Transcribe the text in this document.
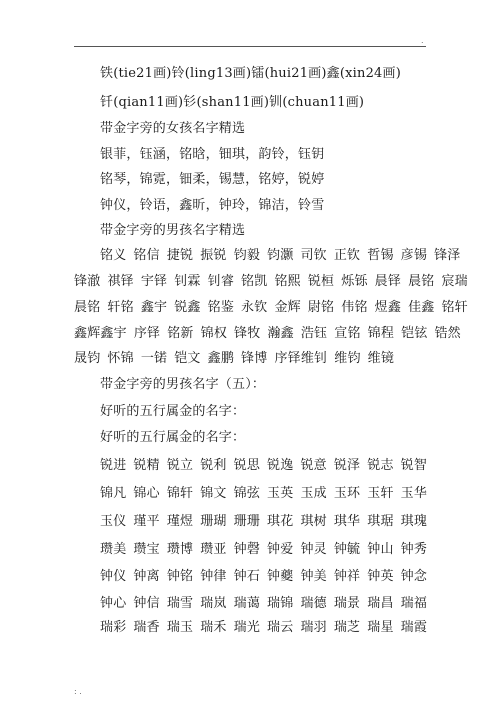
.
铁(tie21画)铃(ling13画)镭(hui21画)鑫(xin24画)
钎(qian11画)钐(shan11画)钏(chuan11画)
带金字旁的女孩名字精选
银菲，钰涵，铭晗，钿琪，韵铃，钰钥
铭琴，锦霓，钿柔，锡慧，铭婷，锐婷
钟仪，铃语，鑫昕，钟玲，锦洁，铃雪
带金字旁的男孩名字精选
铭义 铭信 捷锐 振锐 钧毅 钧灏 司钦 正钦 哲锡 彦锡 锋泽
锋澈 祺铎 宇铎 钊霖 钊睿 铭凯 铭熙 锐桓 烁铄 晨铎 晨铭 宸瑞
晨铭 轩铭 鑫宇 锐鑫 铭鉴 永钦 金辉 尉铭 伟铭 煜鑫 佳鑫 铭轩
鑫辉鑫宇 序铎 铭新 锦权 锋牧 瀚鑫 浩钰 宣铭 锦程 铠铉 锆然
晟钧 怀锦 一锘 铠文 鑫鹏 锋博 序铎维钊 维钧 维镜
带金字旁的男孩名字（五）：
好听的五行属金的名字：
好听的五行属金的名字：
锐进 锐精 锐立 锐利 锐思 锐逸 锐意 锐泽 锐志 锐智
锦凡 锦心 锦轩 锦文 锦弦 玉英 玉成 玉环 玉轩 玉华
玉仪 瑾平 瑾煜 珊瑚 珊珊 琪花 琪树 琪华 琪琚 琪瑰
瓒美 瓒宝 瓒博 瓒亚 钟磬 钟爱 钟灵 钟毓 钟山 钟秀
钟仪 钟离 钟铭 钟律 钟石 钟夔 钟美 钟祥 钟英 钟念
钟心 钟信 瑞雪 瑞岚 瑞蔼 瑞锦 瑞德 瑞景 瑞昌 瑞福
瑞彩 瑞香 瑞玉 瑞禾 瑞光 瑞云 瑞羽 瑞芝 瑞星 瑞霞
: .
